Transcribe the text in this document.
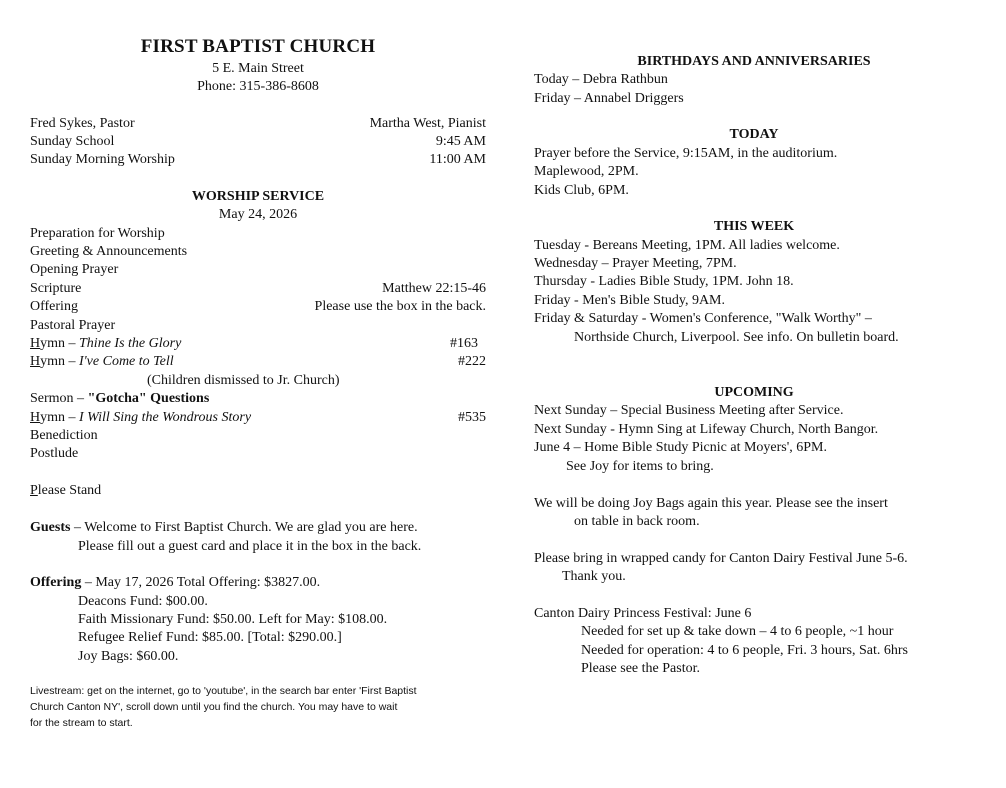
FIRST BAPTIST CHURCH
5 E. Main Street
Phone: 315-386-8608
Fred Sykes, Pastor	Martha West, Pianist
Sunday School	9:45 AM
Sunday Morning Worship	11:00 AM
WORSHIP SERVICE
May 24, 2026
Preparation for Worship
Greeting & Announcements
Opening Prayer
Scripture	Matthew 22:15-46
Offering	Please use the box in the back.
Pastoral Prayer
Hymn – Thine Is the Glory	#163
Hymn – I've Come to Tell	#222
(Children dismissed to Jr. Church)
Sermon – "Gotcha" Questions
Hymn – I Will Sing the Wondrous Story	#535
Benediction
Postlude
Please Stand
Guests – Welcome to First Baptist Church. We are glad you are here.
Please fill out a guest card and place it in the box in the back.
Offering – May 17, 2026 Total Offering: $3827.00.
Deacons Fund: $00.00.
Faith Missionary Fund: $50.00. Left for May: $108.00.
Refugee Relief Fund: $85.00. [Total: $290.00.]
Joy Bags: $60.00.
Livestream: get on the internet, go to 'youtube', in the search bar enter 'First Baptist
Church Canton NY', scroll down until you find the church. You may have to wait
for the stream to start.
BIRTHDAYS AND ANNIVERSARIES
Today – Debra Rathbun
Friday – Annabel Driggers
TODAY
Prayer before the Service, 9:15AM, in the auditorium.
Maplewood, 2PM.
Kids Club, 6PM.
THIS WEEK
Tuesday - Bereans Meeting, 1PM. All ladies welcome.
Wednesday – Prayer Meeting, 7PM.
Thursday - Ladies Bible Study, 1PM. John 18.
Friday - Men's Bible Study, 9AM.
Friday & Saturday - Women's Conference, "Walk Worthy" –
Northside Church, Liverpool. See info. On bulletin board.
UPCOMING
Next Sunday – Special Business Meeting after Service.
Next Sunday - Hymn Sing at Lifeway Church, North Bangor.
June 4 – Home Bible Study Picnic at Moyers', 6PM.
See Joy for items to bring.
We will be doing Joy Bags again this year. Please see the insert
on table in back room.
Please bring in wrapped candy for Canton Dairy Festival June 5-6.
Thank you.
Canton Dairy Princess Festival: June 6
Needed for set up & take down – 4 to 6 people, ~1 hour
Needed for operation: 4 to 6 people, Fri. 3 hours, Sat. 6hrs
Please see the Pastor.
